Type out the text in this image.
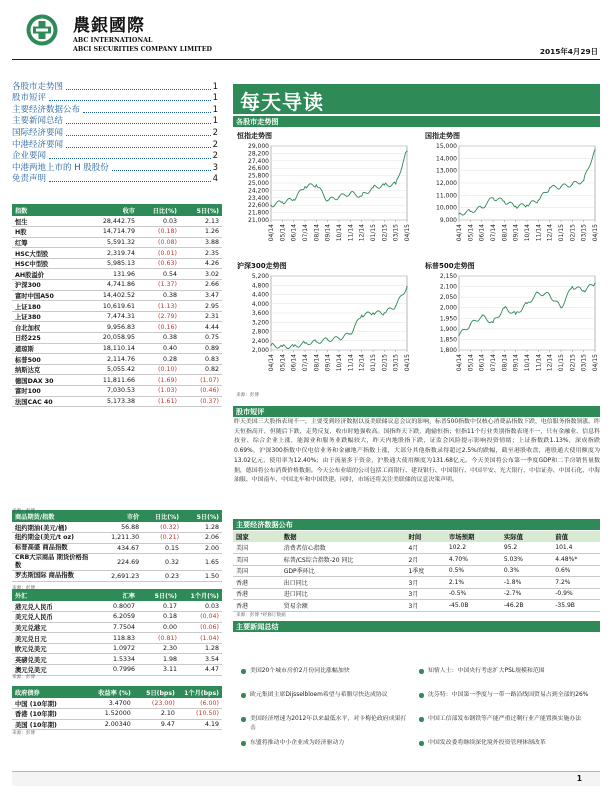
農銀國際
ABC INTERNATIONAL
ABCI SECURITIES COMPANY LIMITED	2015年4月29日
各股市走势图	1
股市短评	1
主要经济数据公布	1
主要新闻总结	1
国际经济要闻	2
中港经济要闻	2
企业要闻	2
中港两地上市的 H 股股份	3
免责声明	4
指数	收市	日比(%)	5日(%)
恒生	28,442.75	0.03	2.13
H股	14,714.79	(0.18)	1.26
红筹	5,591.32	(0.08)	3.88
HSC大型股	2,319.74	(0.01)	2.35
HSC中型股	5,985.13	(0.63)	4.26
AH股溢价	131.96	0.54	3.02
沪深300	4,741.86	(1.37)	2.66
富时中国A50	14,402.52	0.38	3.47
上证180	10,619.61	(1.13)	2.95
上证380	7,474.31	(2.79)	2.31
台北加权	9,956.83	(0.16)	4.44
日经225	20,058.95	0.38	0.75
道琼斯	18,110.14	0.40	0.89
标普500	2,114.76	0.28	0.83
纳斯达克	5,055.42	(0.10)	0.82
德国DAX 30	11,811.66	(1.69)	(1.07)
富时100	7,030.53	(1.03)	(0.46)
法国CAC 40	5,173.38	(1.61)	(0.37)
商品期货/指数	市价	日比(%)	5日(%)
纽约期油(美元/桶)	56.88	(0.32)	1.28
纽约期金(美元/t oz)	1,211.30	(0.21)	2.06
标普高盛 商品指数	434.67	0.15	2.00
CRB大宗商品 期货价格指数	224.69	0.32	1.65
罗杰斯国际 商品指数	2,691.23	0.23	1.50
外汇	汇率	5日(%)	1个月(%)
港元兑人民币	0.8007	0.17	0.03
美元兑人民币	6.2059	0.18	(0.04)
美元兑港元	7.7504	0.00	(0.06)
美元兑日元	118.83	(0.81)	(1.04)
欧元兑美元	1.0972	2.30	1.28
英磅兑美元	1.5334	1.98	3.54
澳元兑美元	0.7996	3.11	4.47
政府债券	收益率 (%)	5日(bps)	1个月(bps)
中国 (10年期)	3.4700	(23.00)	(6.00)
香港 (10年期)	1.52000	2.10	(10.50)
美国 (10年期)	2.00340	9.47	4.19
来源：彭博
来源：彭博
来源：彭博
来源：彭博
每天导读
各股市走势图
恒指走势图
29,000
28,200
27,400
26,600
25,800
25,000
24,200
23,400
22,600
21,800
21,000
04/14 05/14 06/14 07/14 08/14 09/14 10/14 11/14 12/14 01/15 02/15 03/15 04/15
国指走势图
15,000
14,000
13,000
12,000
11,000
10,000
9,000
04/14 05/14 06/14 07/14 08/14 09/14 10/14 11/14 12/14 01/15 02/15 03/15 04/15
沪深300走势图
5,200
4,800
4,400
4,000
3,600
3,200
2,800
2,400
2,000
04/14 05/14 06/14 07/14 08/14 09/14 10/14 11/14 12/14 01/15 02/15 03/15 04/15
标普500走势图
2,150
2,100
2,050
2,000
1,950
1,900
1,850
1,800
04/14 05/14 06/14 07/14 08/14 09/14 10/14 11/14 12/14 01/15 02/15 03/15 04/15
来源：彭博
股市短评
昨天美国三大股指表现不一，主要受到经济数据以及美联储议息会议的影响，标普500指数中仅核心消费品指数下跌，电信服务指数领涨。昨天恒指高开，但随后下跌，走势反复，收市时勉强收高。国指昨天下跌，跑输恒指；恒指11个行业类别指数表现不一，只有金融业、信息科技业、综合企业上涨，能源业和服务业跌幅较大，昨天内地股指下跌，证监会风险提示影响投资情绪；上证指数跌1.13%，深成指跌0.69%，沪深300指数中仅电信业务和金融地产指数上涨，大部分其他指数录得超过2.5%的跌幅，截至港股收盘，港股通大使用额度为13.02亿元，使用率为12.40%；由于流量多于资金，沪股通大使用额度为131.68亿元。今天美国将公布第一季度GDP和二手房销售量数据，德国将公布消费价格数据。今天公布业绩的公司包括工商银行、建设银行、中国银行、中国平安、光大银行、中信证券、中国石化、中海油服、中国南车、中国北车和中国铁建。同时，市场还将关注美联储的议息决策声明。
主要经济数据公布
国家	数据	时间	市场预期	实际值	前值
美国	消费者信心指数	4月	102.2	95.2	101.4
美国	标普/CS综合指数-20 同比	2月	4.70%	5.03%	4.48%*
美国	GDP季环比	1季度	0.5%	0.3%	0.6%
香港	出口同比	3月	2.1%	-1.8%	7.2%
香港	进口同比	3月	-0.5%	-2.7%	-0.9%
香港	贸易余额	3月	-45.0B	-46.2B	-35.9B
来源：彭博 *经修订数据
主要新闻总结
美国20个城市房价2月份同比涨幅加快
欧元集团主席Dijsselbloem希望与希腊尽快达成协议
美国经济增速为2012年以来最低水平，对卡梅伦政府成果打击
东盟将推动中小企业成为经济驱动力
知情人士：中国央行考虑扩大PSL规模和范围
沈芬特：中国第一季度与一带一路沿线国贸易占到全部的26%
中国工信部发布钢铁等产能严重过剩行业产能置换实施办法
中国发改委将继续深化境外投资管理体制改革
1
